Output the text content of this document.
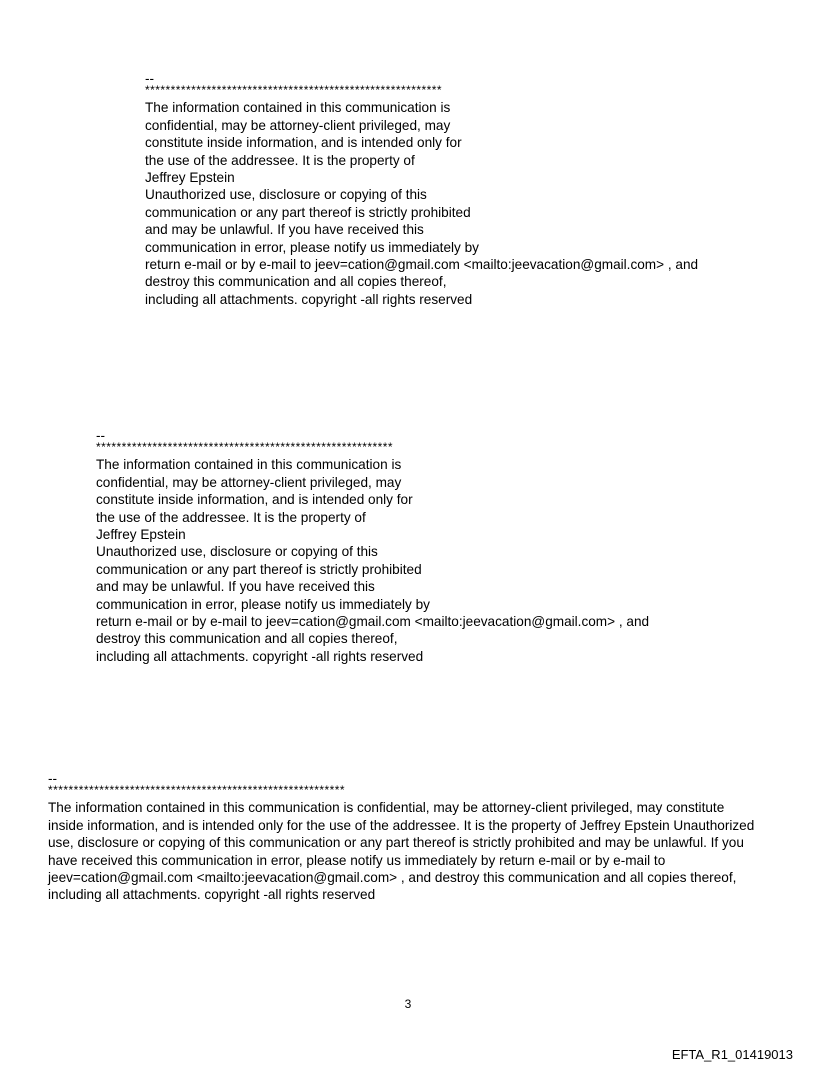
--
**********************************************************
The information contained in this communication is
confidential, may be attorney-client privileged, may
constitute inside information, and is intended only for
the use of the addressee. It is the property of
Jeffrey Epstein
Unauthorized use, disclosure or copying of this
communication or any part thereof is strictly prohibited
and may be unlawful. If you have received this
communication in error, please notify us immediately by
return e-mail or by e-mail to jeev=cation@gmail.com <mailto:jeevacation@gmail.com> , and
destroy this communication and all copies thereof,
including all attachments. copyright -all rights reserved
--
**********************************************************
The information contained in this communication is
confidential, may be attorney-client privileged, may
constitute inside information, and is intended only for
the use of the addressee. It is the property of
Jeffrey Epstein
Unauthorized use, disclosure or copying of this
communication or any part thereof is strictly prohibited
and may be unlawful. If you have received this
communication in error, please notify us immediately by
return e-mail or by e-mail to jeev=cation@gmail.com <mailto:jeevacation@gmail.com> , and
destroy this communication and all copies thereof,
including all attachments. copyright -all rights reserved
--
**********************************************************
The information contained in this communication is confidential, may be attorney-client privileged, may constitute
inside information, and is intended only for the use of the addressee. It is the property of Jeffrey Epstein Unauthorized
use, disclosure or copying of this communication or any part thereof is strictly prohibited and may be unlawful. If you
have received this communication in error, please notify us immediately by return e-mail or by e-mail to
jeev=cation@gmail.com <mailto:jeevacation@gmail.com> , and destroy this communication and all copies thereof,
including all attachments. copyright -all rights reserved
3
EFTA_R1_01419013
